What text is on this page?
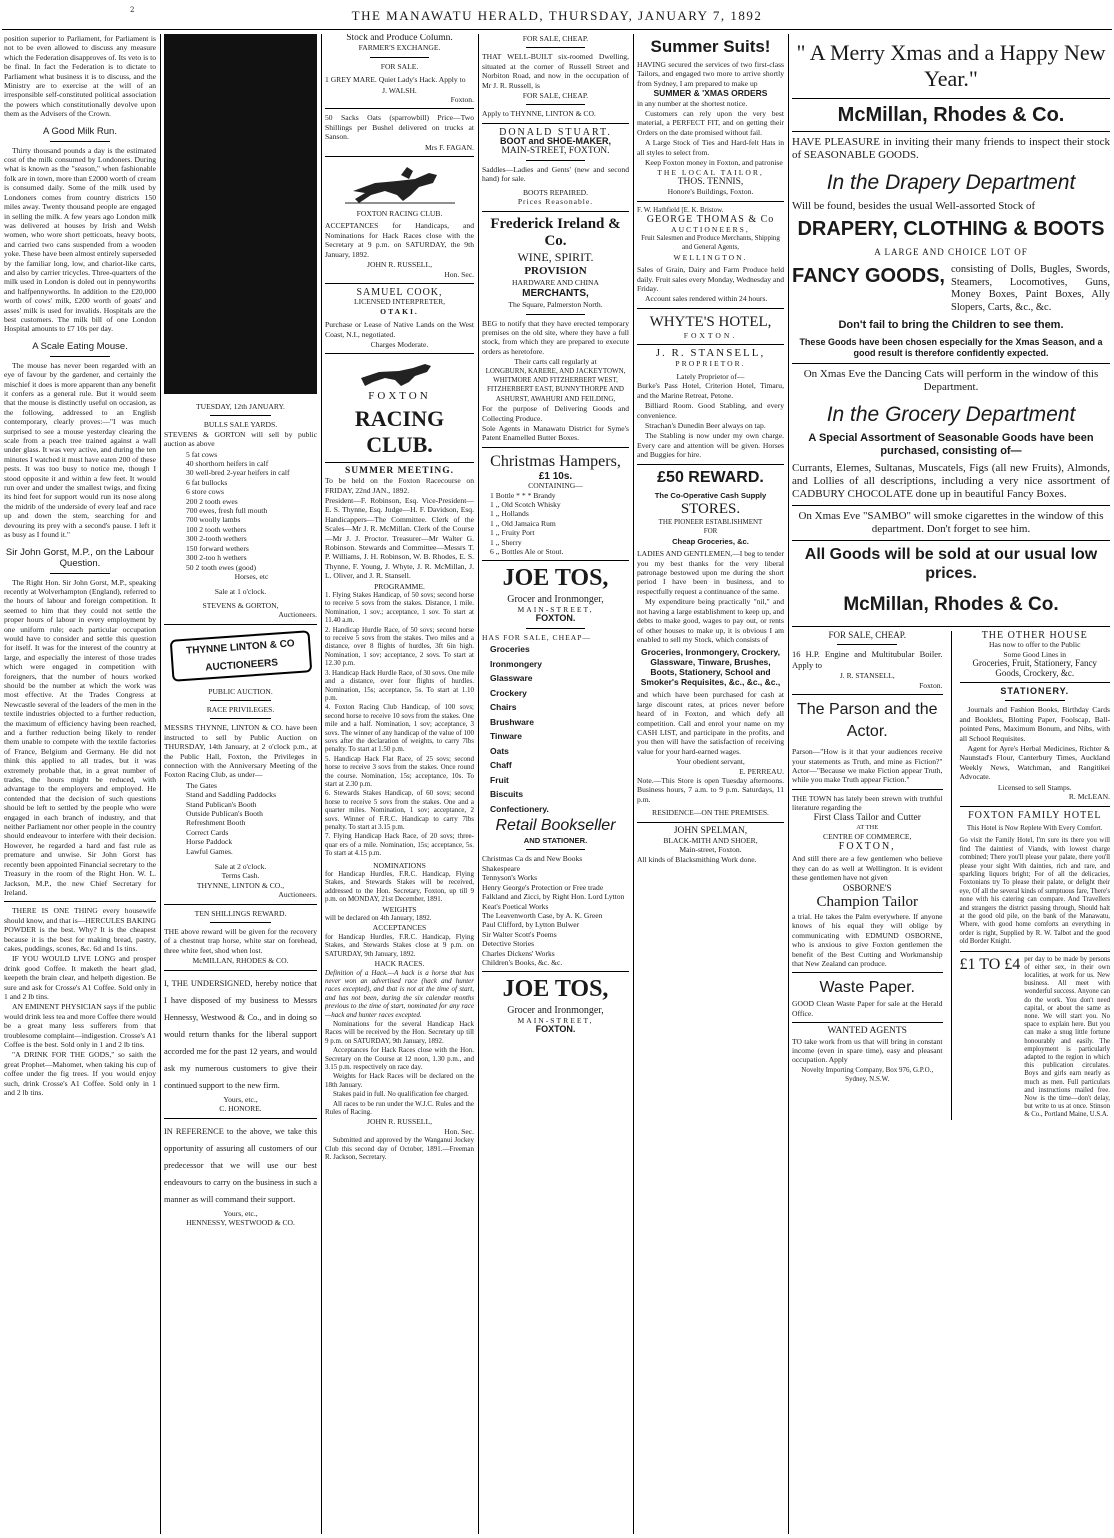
2	THE MANAWATU HERALD, THURSDAY, JANUARY 7, 1892

position superior to Parliament, for Parliament is not to be even allowed to discuss any measure which the Federation disapproves of. Its veto is to be final. In fact the Federation is to dictate to Parliament what business it is to discuss, and the Ministry are to exercise at the will of an irresponsible self-constituted political association the powers which constitutionally devolve upon them as the Advisers of the Crown.

A Good Milk Run.

Thirty thousand pounds a day is the estimated cost of the milk consumed by Londoners. During what is known as the "season," when fashionable folk are in town, more than £2000 worth of cream is consumed daily. Some of the milk used by Londoners comes from country districts 150 miles away. Twenty thousand people are engaged in selling the milk. A few years ago London milk was delivered at houses by Irish and Welsh women, who wore short petticoats, heavy boots, and carried two cans suspended from a wooden yoke. These have been almost entirely superseded by the familiar long, low, and chariot-like carts, and also by carrier tricycles. Three-quarters of the milk used in London is doled out in pennyworths and halfpennyworths. In addition to the £20,000 worth of cows' milk, £200 worth of goats' and asses' milk is used for invalids. Hospitals are the best customers. The milk bill of one London Hospital amounts to £7 10s per day.

A Scale Eating Mouse.

The mouse has never been regarded with an eye of favour by the gardener, and certainly the mischief it does is more apparent than any benefit it confers as a general rule. But it would seem that the mouse is distinctly useful on occasion, as the following, addressed to an English contemporary, clearly proves:—"I was much surprised to see a mouse yesterday clearing the scale from a peach tree trained against a wall under glass. It was very active, and during the ten minutes I watched it must have eaten 200 of these pests. It was too busy to notice me, though I stood opposite it and within a few feet. It would run over and under the smallest twigs, and fixing its hind feet for support would run its nose along the midrib of the underside of every leaf and race up and down the stem, searching for and devouring its prey with a second's pause. I left it as busy as I found it."

Sir John Gorst, M.P., on the Labour Question.

The Right Hon. Sir John Gorst, M.P., speaking recently at Wolverhampton (England), referred to the hours of labour and foreign competition. It seemed to him that they could not settle the proper hours of labour in every employment by one uniform rule; each particular occupation would have to consider and settle this question for itself. It was for the interest of the country at large, and especially the interest of those trades which were engaged in competition with foreigners, that the number of hours worked should be the number at which the work was most effective. At the Trades Congress at Newcastle several of the leaders of the men in the textile industries objected to a further reduction, the maximum of efficiency having been reached, and a further reduction being likely to render them unable to compete with the textile factories of France, Belgium and Germany. He did not think this applied to all trades, but it was extremely probable that, in a great number of trades, the hours might be reduced, with advantage to the employers and employed. He contended that the decision of such questions should be left to settled by the people who were engaged in each branch of industry, and that neither Parliament nor other people in the country should endeavour to interfere with their decision. However, he regarded a hard and fast rule as premature and unwise. Sir John Gorst has recently been appointed Financial secretary to the Treasury in the room of the Right Hon. W. L. Jackson, M.P., the new Chief Secretary for Ireland.

THERE IS ONE THING every housewife should know, and that is—HERCULES BAKING POWDER is the best. Why? It is the cheapest because it is the best for making bread, pastry, cakes, puddings, scones, &c. 6d and 1s tins.

IF YOU WOULD LIVE LONG and prosper drink good Coffee. It maketh the heart glad, keepeth the brain clear, and helpeth digestion. Be sure and ask for Crosse's A1 Coffee. Sold only in 1 and 2 lb tins.

AN EMINENT PHYSICIAN says if the public would drink less tea and more Coffee there would be a great many less sufferers from that troublesome complaint—indigestion. Crosse's A1 Coffee is the best. Sold only in 1 and 2 lb tins.

"A DRINK FOR THE GODS," so saith the great Prophet—Mahomet, when taking his cup of coffee under the fig trees. If you would enjoy such, drink Crosse's A1 Coffee. Sold only in 1 and 2 lb tins.

TUESDAY, 12th JANUARY.
BULLS SALE YARDS.

STEVENS & GORTON will sell by public auction as above

5 fat cows
40 shorthorn heifers in calf
30 well-bred 2-year heifers in calf
6 fat bullocks
6 store cows
200 2 tooth ewes
700 ewes, fresh full mouth
700 woolly lambs
100 2 tooth wethers
300 2-tooth wethers
150 forward wethers
300 2-too h wethers
50 2 tooth ewes (good)
Horses, etc
Sale at 1 o'clock.
STEVENS & GORTON,
Auctioneers.
THYNNE LINTON & CO AUCTIONEERS
PUBLIC AUCTION.
RACE PRIVILEGES.

MESSRS THYNNE, LINTON & CO. have been instructed to sell by Public Auction on THURSDAY, 14th January, at 2 o'clock p.m., at the Public Hall, Foxton, the Privileges in connection with the Anniversary Meeting of the Foxton Racing Club, as under—

The Gates
Stand and Saddling Paddocks
Stand Publican's Booth
Outside Publican's Booth
Refreshment Booth
Correct Cards
Horse Paddock
Lawful Games.
Sale at 2 o'clock.
Terms Cash.
THYNNE, LINTON & CO.,
Auctioneers.
TEN SHILLINGS REWARD.

THE above reward will be given for the recovery of a chestnut trap horse, white star on forehead, three white feet, shod when lost.

McMILLAN, RHODES & CO.

I, THE UNDERSIGNED, hereby notice that I have disposed of my business to Messrs Hennessy, Westwood & Co., and in doing so would return thanks for the liberal support accorded me for the past 12 years, and would ask my numerous customers to give their continued support to the new firm.

Yours, etc.,
C. HONORE.

IN REFERENCE to the above, we take this opportunity of assuring all customers of our predecessor that we will use our best endeavours to carry on the business in such a manner as will command their support.

Yours, etc.,
HENNESSY, WESTWOOD & CO.
Stock and Produce Column.
FARMER'S EXCHANGE.
FOR SALE.

1 GREY MARE. Quiet Lady's Hack. Apply to

J. WALSH.
Foxton.

50 Sacks Oats (sparrowbill) Price—Two Shillings per Bushel delivered on trucks at Sanson.

Mrs F. FAGAN.
FOXTON RACING CLUB.

ACCEPTANCES for Handicaps, and Nominations for Hack Races close with the Secretary at 9 p.m. on SATURDAY, the 9th January, 1892.

JOHN R. RUSSELL,
Hon. Sec.
SAMUEL COOK,
LICENSED INTERPRETER,
OTAKI.

Purchase or Lease of Native Lands on the West Coast, N.I., negotiated.

Charges Moderate.
FOXTON
RACING CLUB.
SUMMER MEETING.

To be held on the Foxton Racecourse on FRIDAY, 22nd JAN., 1892.

President—F. Robinson, Esq. Vice-President—E. S. Thynne, Esq. Judge—H. F. Davidson, Esq. Handicappers—The Committee. Clerk of the Scales—Mr J. R. McMillan. Clerk of the Course—Mr J. J. Proctor. Treasurer—Mr Walter G. Robinson. Stewards and Committee—Messrs T. P. Williams, J. H. Robinson, W. B. Rhodes, E. S. Thynne, F. Young, J. Whyte, J. R. McMillan, J. L. Oliver, and J. R. Stansell.

PROGRAMME.

1. Flying Stakes Handicap, of 50 sovs; second horse to receive 5 sovs from the stakes. Distance, 1 mile. Nomination, 1 sov.; acceptance, 1 sov. To start at 11.40 a.m.

2. Handicap Hurdle Race, of 50 sovs; second horse to receive 5 sovs from the stakes. Two miles and a distance, over 8 flights of hurdles, 3ft 6in high. Nomination, 1 sov; acceptance, 2 sovs. To start at 12.30 p.m.

3. Handicap Hack Hurdle Race, of 30 sovs. One mile and a distance, over four flights of hurdles. Nomination, 15s; acceptance, 5s. To start at 1.10 p.m.

4. Foxton Racing Club Handicap, of 100 sovs; second horse to receive 10 sovs from the stakes. One mile and a half. Nomination, 1 sov; acceptance, 3 sovs. The winner of any handicap of the value of 100 sovs after the declaration of weights, to carry 7lbs penalty. To start at 1.50 p.m.

5. Handicap Hack Flat Race, of 25 sovs; second horse to receive 3 sovs from the stakes. Once round the course. Nomination, 15s; acceptance, 10s. To start at 2.30 p.m.

6. Stewards Stakes Handicap, of 60 sovs; second horse to receive 5 sovs from the stakes. One and a quarter miles. Nomination, 1 sov; acceptance, 2 sovs. Winner of F.R.C. Handicap to carry 7lbs penalty. To start at 3.15 p.m.

7. Flying Handicap Hack Race, of 20 sovs; three-quar ers of a mile. Nomination, 15s; acceptance, 5s. To start at 4.15 p.m.

NOMINATIONS

for Handicap Hurdles, F.R.C. Handicap, Flying Stakes, and Stewards Stakes will be received, addressed to the Hon. Secretary, Foxton, up till 9 p.m. on MONDAY, 21st December, 1891.

WEIGHTS

will be declared on 4th January, 1892.

ACCEPTANCES

for Handicap Hurdles, F.R.C. Handicap, Flying Stakes, and Stewards Stakes close at 9 p.m. on SATURDAY, 9th January, 1892.

HACK RACES.

Definition of a Hack.—A hack is a horse that has never won an advertised race (hack and hunter races excepted), and that is not at the time of start, and has not been, during the six calendar months previous to the time of start, nominated for any race—hack and hunter races excepted.

Nominations for the several Handicap Hack Races will be received by the Hon. Secretary up till 9 p.m. on SATURDAY, 9th January, 1892.

Acceptances for Hack Races close with the Hon. Secretary on the Course at 12 noon, 1.30 p.m., and 3.15 p.m. respectively on race day.

Weights for Hack Races will be declared on the 18th January.

Stakes paid in full. No qualification fee charged.

All races to be run under the W.J.C. Rules and the Rules of Racing.

JOHN R. RUSSELL,
Hon. Sec.

Submitted and approved by the Wanganui Jockey Club this second day of October, 1891.—Freeman R. Jackson, Secretary.

FOR SALE, CHEAP.

THAT WELL-BUILT six-roomed Dwelling, situated at the corner of Russell Street and Norbiton Road, and now in the occupation of Mr J. R. Russell, is

FOR SALE, CHEAP.

Apply to THYNNE, LINTON & CO.

DONALD STUART.
BOOT and SHOE-MAKER,
MAIN-STREET, FOXTON.

Saddles—Ladies and Gents' (new and second hand) for sale.

BOOTS REPAIRED.
Prices Reasonable.
Frederick Ireland & Co.
WINE, SPIRIT.
PROVISION
HARDWARE AND CHINA
MERCHANTS,
The Square, Palmerston North.

BEG to notify that they have erected temporary premises on the old site, where they have a full stock, from which they are prepared to execute orders as heretofore.

Their carts call regularly at
LONGBURN, KARERE, AND JACKEYTOWN, WHITMORE AND FITZHERBERT WEST, FITZHERBERT EAST, BUNNYTHORPE AND ASHURST, AWAHURI AND FEILDING,

For the purpose of Delivering Goods and Collecting Produce.

Sole Agents in Manawatu District for Syme's Patent Enamelled Butter Boxes.

Christmas Hampers,
£1 10s.
CONTAINING—
1 Bottle * * * Brandy
1 ,, Old Scotch Whisky
1 ,, Hollands
1 ,, Old Jamaica Rum
1 ,, Fruity Port
1 ,, Sherry
6 ,, Bottles Ale or Stout.
JOE TOS,
Grocer and Ironmonger,
MAIN-STREET,
FOXTON.
HAS FOR SALE, CHEAP—
Groceries
Ironmongery
Glassware
Crockery
Chairs
Brushware
Tinware
Oats
Chaff
Fruit
Biscuits
Confectionery.
Retail Bookseller
AND STATIONER.
Christmas Ca ds and New Books
Shakespeare
Tennyson's Works
Henry George's Protection or Free trade
Falkland and Zicci, by Right Hon. Lord Lytton
Keat's Poetical Works
The Leavenworth Case, by A. K. Green
Paul Clifford, by Lytton Bulwer
Sir Walter Scott's Poems
Detective Stories
Charles Dickens' Works
Children's Books, &c. &c.
JOE TOS,
Grocer and Ironmonger,
MAIN-STREET,
FOXTON.
Summer Suits!

HAVING secured the services of two first-class Tailors, and engaged two more to arrive shortly from Sydney, I am prepared to make up

SUMMER & 'XMAS ORDERS

in any number at the shortest notice.

Customers can rely upon the very best material, a PERFECT FIT, and on getting their Orders on the date promised without fail.

A Large Stock of Ties and Hard-felt Hats in all styles to select from.

Keep Foxton money in Foxton, and patronise

THE LOCAL TAILOR,
THOS. TENNIS,
Honore's Buildings, Foxton.
F. W. Hathfield [E. K. Bristow.
GEORGE THOMAS & Co
AUCTIONEERS,
Fruit Salesmen and Produce Merchants, Shipping and General Agents,
WELLINGTON.

Sales of Grain, Dairy and Farm Produce held daily. Fruit sales every Monday, Wednesday and Friday.

Account sales rendered within 24 hours.

WHYTE'S HOTEL,
FOXTON.
J. R. STANSELL,
PROPRIETOR.
Lately Proprietor of—

Burke's Pass Hotel, Criterion Hotel, Timaru, and the Marine Retreat, Petone.

Billiard Room. Good Stabling, and every convenience.

Strachan's Dunedin Beer always on tap.

The Stabling is now under my own charge. Every care and attention will be given. Horses and Buggies for hire.

£50 REWARD.
The Co-Operative Cash Supply
STORES.
THE PIONEER ESTABLISHMENT
FOR
Cheap Groceries, &c.

LADIES AND GENTLEMEN,—I beg to tender you my best thanks for the very liberal patronage bestowed upon me during the short period I have been in business, and to respectfully request a continuance of the same.

My expenditure being practically "nil," and not having a large establishment to keep up, and debts to make good, wages to pay out, or rents of other houses to make up, it is obvious I am enabled to sell my Stock, which consists of

Groceries, Ironmongery, Crockery, Glassware, Tinware, Brushes, Boots, Stationery, School and Smoker's Requisites, &c., &c., &c.,

and which have been purchased for cash at large discount rates, at prices never before heard of in Foxton, and which defy all competition. Call and enrol your name on my CASH LIST, and participate in the profits, and you then will have the satisfaction of receiving value for your hard-earned wages.

Your obedient servant,
E. PERREAU.

Note.—This Store is open Tuesday afternoons. Business hours, 7 a.m. to 9 p.m. Saturdays, 11 p.m.

RESIDENCE—ON THE PREMISES.
JOHN SPELMAN,
BLACK-MITH AND SHOER,
Main-street, Foxton.

All kinds of Blacksmithing Work done.

" A Merry Xmas and a Happy New Year."
McMillan, Rhodes & Co.

HAVE PLEASURE in inviting their many friends to inspect their stock of SEASONABLE GOODS.

In the Drapery Department

Will be found, besides the usual Well-assorted Stock of

DRAPERY, CLOTHING & BOOTS
A LARGE AND CHOICE LOT OF
FANCY GOODS, consisting of Dolls, Bugles, Swords, Steamers, Locomotives, Guns, Money Boxes, Paint Boxes, Ally Slopers, Carts, &c., &c.
Don't fail to bring the Children to see them.
These Goods have been chosen especially for the Xmas Season, and a good result is therefore confidently expected.
On Xmas Eve the Dancing Cats will perform in the window of this Department.
In the Grocery Department
A Special Assortment of Seasonable Goods have been purchased, consisting of—

Currants, Elemes, Sultanas, Muscatels, Figs (all new Fruits), Almonds, and Lollies of all descriptions, including a very nice assortment of CADBURY CHOCOLATE done up in beautiful Fancy Boxes.

On Xmas Eve "SAMBO" will smoke cigarettes in the window of this department. Don't forget to see him.
All Goods will be sold at our usual low prices.
McMillan, Rhodes & Co.
FOR SALE, CHEAP.

16 H.P. Engine and Multitubular Boiler. Apply to

J. R. STANSELL,
Foxton.
The Parson and the Actor.

Parson—"How is it that your audiences receive your statements as Truth, and mine as Fiction?" Actor—"Because we make Fiction appear Truth, while you make Truth appear Fiction."

THE TOWN has lately been strewn with truthful literature regarding the

First Class Tailor and Cutter
AT THE
CENTRE OF COMMERCE,
FOXTON,

And still there are a few gentlemen who believe they can do as well at Wellington. It is evident these gentlemen have not given

OSBORNE'S
Champion Tailor

a trial. He takes the Palm everywhere. If anyone knows of his equal they will oblige by communicating with EDMUND OSBORNE, who is anxious to give Foxton gentlemen the benefit of the Best Cutting and Workmanship that New Zealand can produce.

Waste Paper.

GOOD Clean Waste Paper for sale at the Herald Office.

WANTED AGENTS

TO take work from us that will bring in constant income (even in spare time), easy and pleasant occupation. Apply

Novelty Importing Company, Box 976, G.P.O., Sydney, N.S.W.
THE OTHER HOUSE
Has now to offer to the Public
Some Good Lines in
Groceries, Fruit, Stationery, Fancy Goods, Crockery, &c.
STATIONERY.

Journals and Fashion Books, Birthday Cards and Booklets, Blotting Paper, Foolscap, Ball-pointed Pens, Maximum Bonum, and Nibs, with all School Requisites.

Agent for Ayre's Herbal Medicines, Richter & Naunstad's Flour, Canterbury Times, Auckland Weekly News, Watchman, and Rangitikei Advocate.

Licensed to sell Stamps.
R. McLEAN.
FOXTON FAMILY HOTEL
This Hotel is Now Replete With Every Comfort.

Go visit the Family Hotel, I'm sure its there you will find The daintiest of Viands, with lowest charge combined; There you'll please your palate, there you'll please your sight With dainties, rich and rare, and sparkling liquors bright; For of all the delicacies, Foxtonians try To please their palate, or delight their eye, Of all the several kinds of sumptuous fare, There's none with his catering can compare. And Travellers and strangers the district passing through, Should halt at the good old pile, on the bank of the Manawatu, Where, with good home comforts an everything in order is right, Supplied by R. W. Talbot and the good old Border Knight.

£1 TO £4 per day to be made by persons of either sex, in their own localities, at work for us. New business. All meet with wonderful success. Anyone can do the work. You don't need capital, or about the same as none. We will start you. No space to explain here. But you can make a snug little fortune honourably and easily. The employment is particularly adapted to the region in which this publication circulates. Boys and girls earn nearly as much as men. Full particulars and instructions mailed free. Now is the time—don't delay, but write to us at once. Stinson & Co., Portland Maine, U.S.A.
